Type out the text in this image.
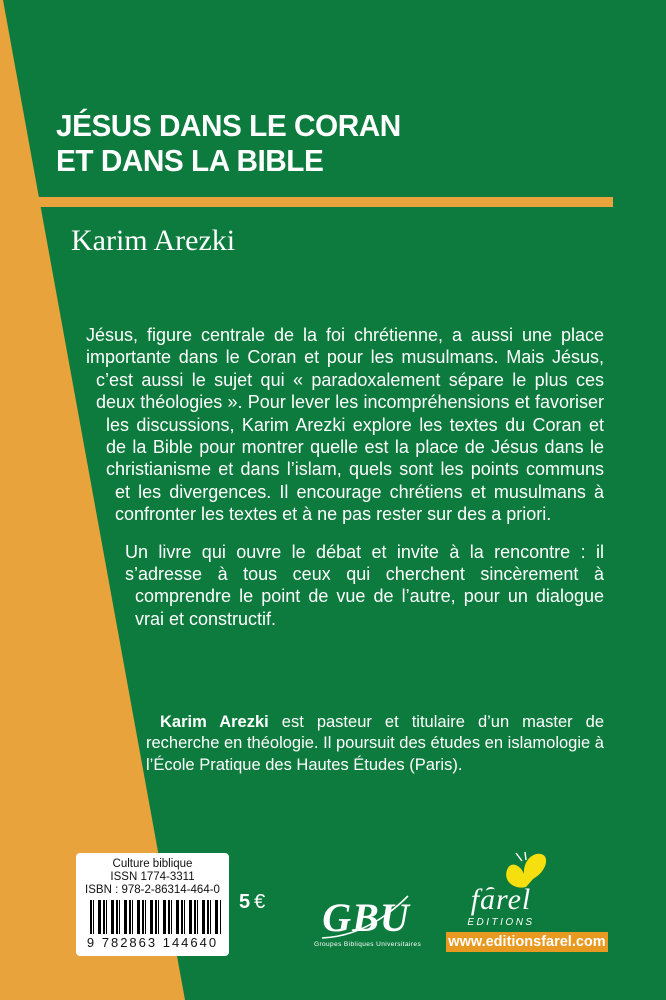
JÉSUS DANS LE CORAN
ET DANS LA BIBLE
Karim Arezki

Jésus, figure centrale de la foi chrétienne, a aussi une place importante dans le Coran et pour les musulmans. Mais Jésus, c’est aussi le sujet qui « paradoxalement sépare le plus ces deux théologies ». Pour lever les incompréhensions et favoriser les discussions, Karim Arezki explore les textes du Coran et de la Bible pour montrer quelle est la place de Jésus dans le christianisme et dans l’islam, quels sont les points communs et les divergences. Il encourage chrétiens et musulmans à confronter les textes et à ne pas rester sur des a priori.

Un livre qui ouvre le débat et invite à la rencontre : il s’adresse à tous ceux qui cherchent sincèrement à comprendre le point de vue de l’autre, pour un dialogue vrai et constructif.

Karim Arezki est pasteur et titulaire d’un master de recherche en théologie. Il poursuit des études en islamologie à l’École Pratique des Hautes Études (Paris).
Culture biblique
ISSN 1774-3311
ISBN : 978-2-86314-464-0
9 782863 144640
5 € GBU
Groupes Bibliques Universitaires
farel
EDITIONS
www.editionsfarel.com
